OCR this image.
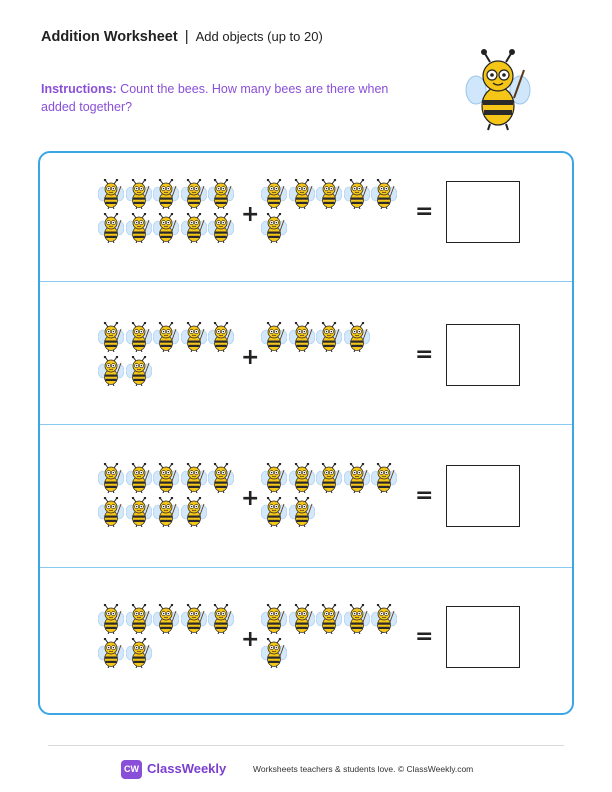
Addition Worksheet | Add objects (up to 20)
Instructions: Count the bees. How many bees are there when added together?
+	=
+	=
+	=
+	=
CW ClassWeekly	Worksheets teachers & students love. © ClassWeekly.com
